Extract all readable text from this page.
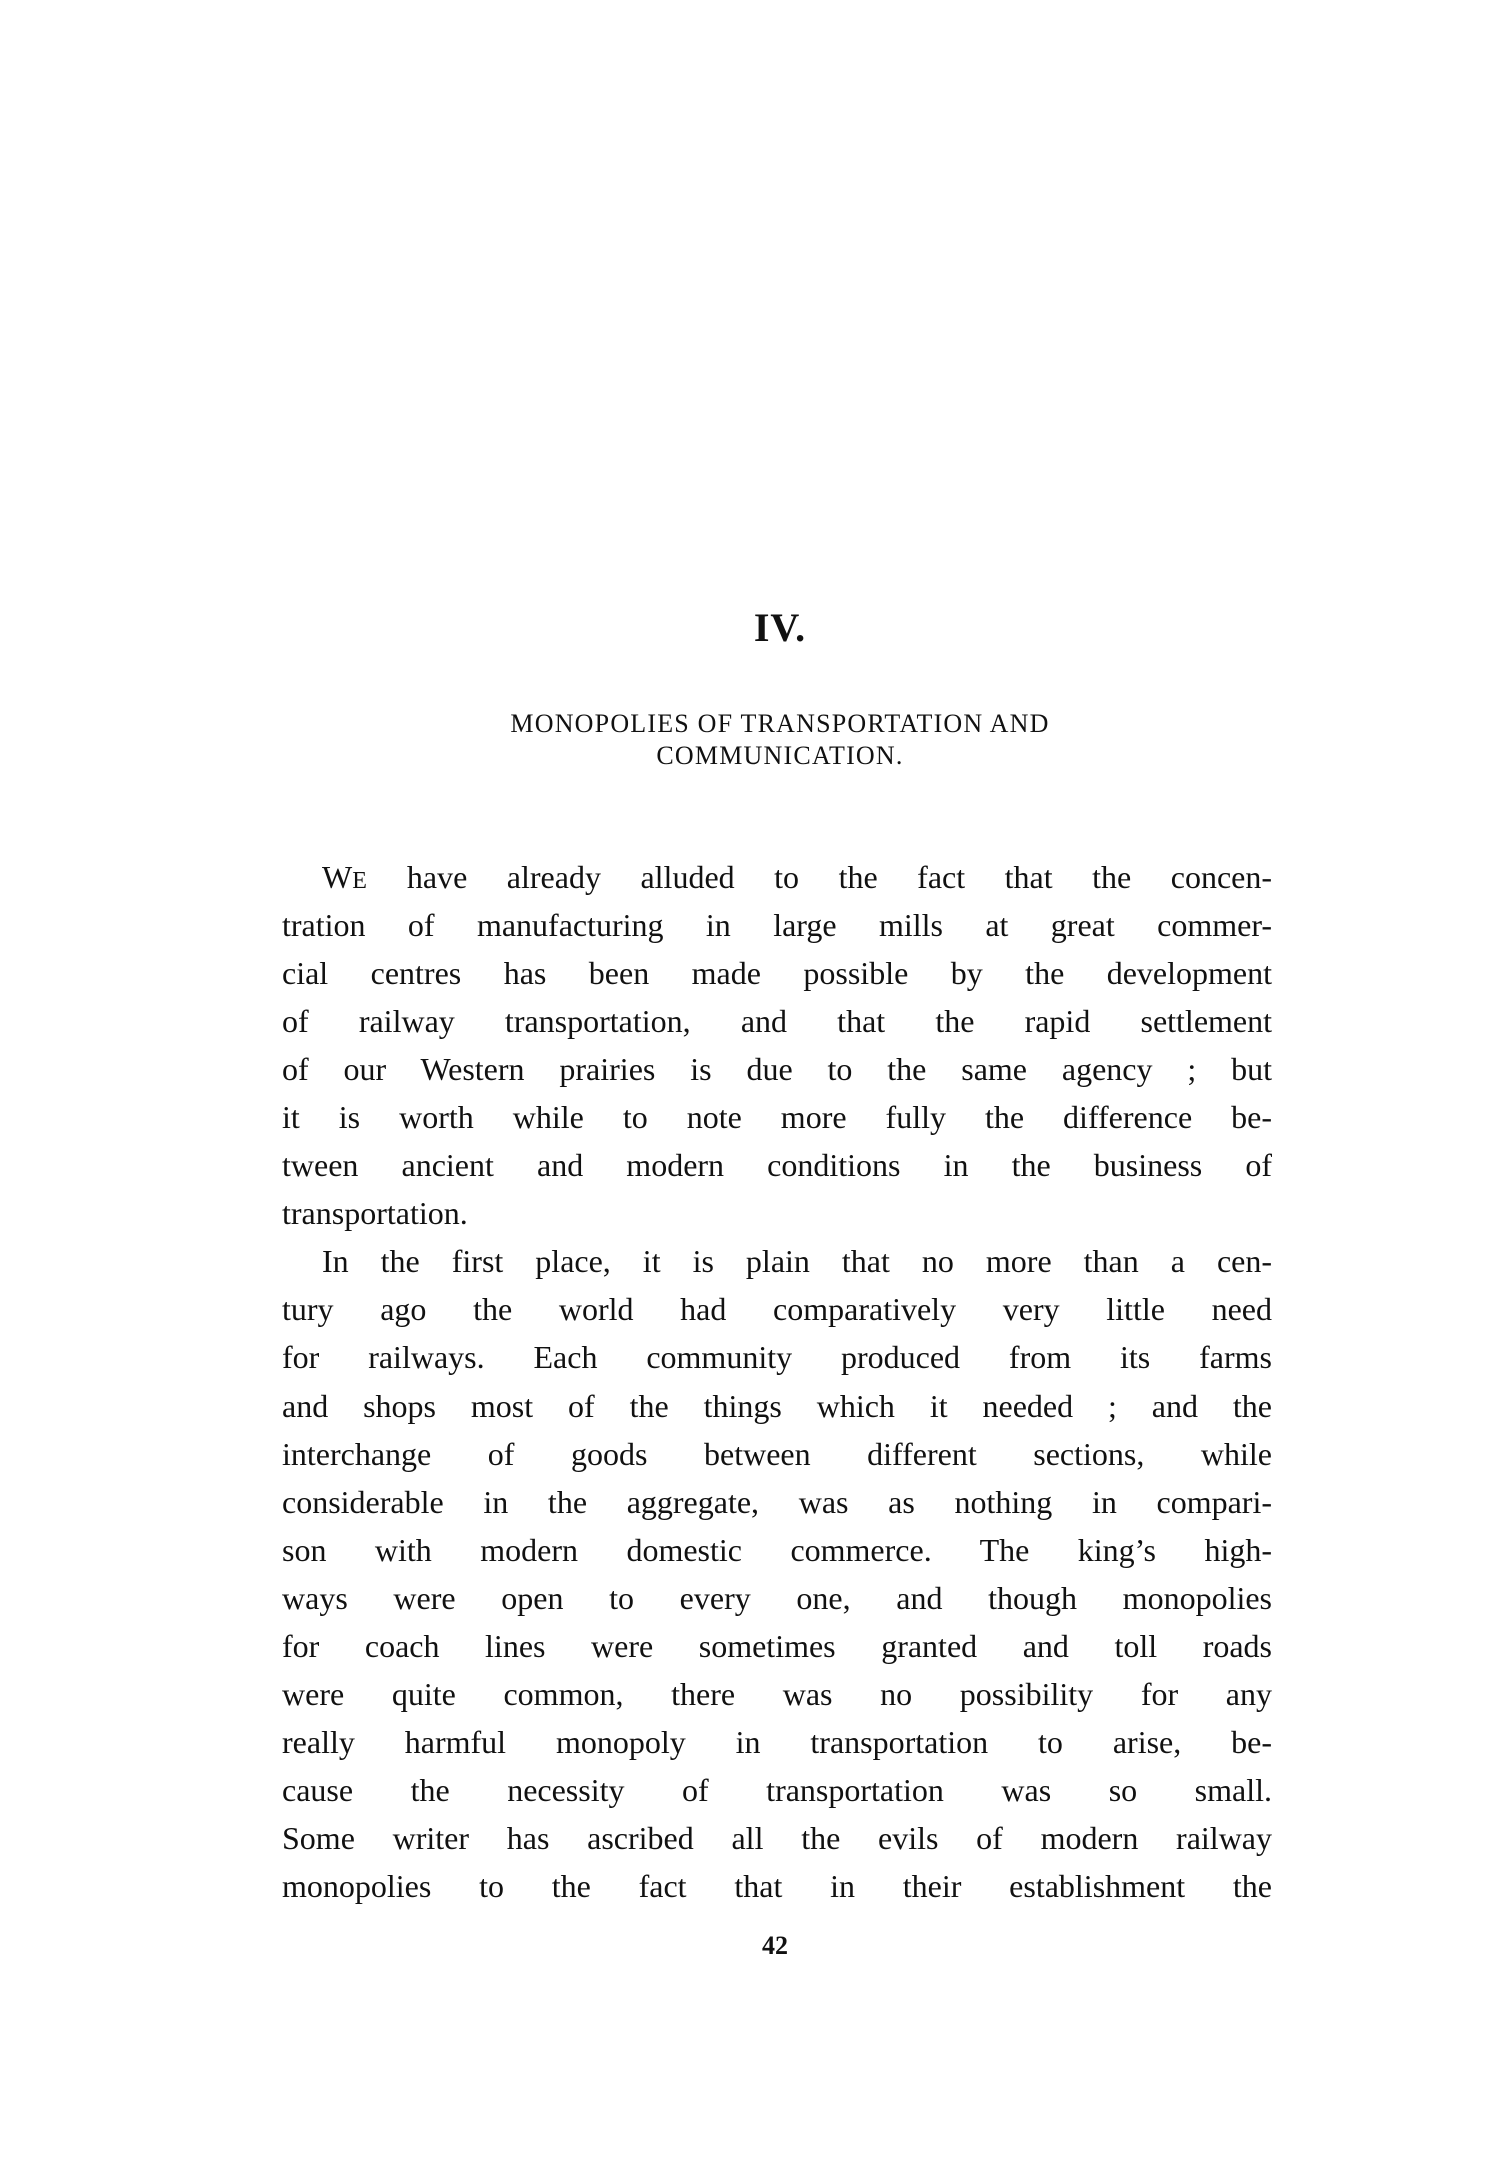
IV.
MONOPOLIES OF TRANSPORTATION AND
COMMUNICATION.
WE have already alluded to the fact that the concen-
tration of manufacturing in large mills at great commer-
cial centres has been made possible by the development
of railway transportation, and that the rapid settlement
of our Western prairies is due to the same agency ; but
it is worth while to note more fully the difference be-
tween ancient and modern conditions in the business of
transportation.
In the first place, it is plain that no more than a cen-
tury ago the world had comparatively very little need
for railways. Each community produced from its farms
and shops most of the things which it needed ; and the
interchange of goods between different sections, while
considerable in the aggregate, was as nothing in compari-
son with modern domestic commerce. The king’s high-
ways were open to every one, and though monopolies
for coach lines were sometimes granted and toll roads
were quite common, there was no possibility for any
really harmful monopoly in transportation to arise, be-
cause the necessity of transportation was so small.
Some writer has ascribed all the evils of modern railway
monopolies to the fact that in their establishment the
42
